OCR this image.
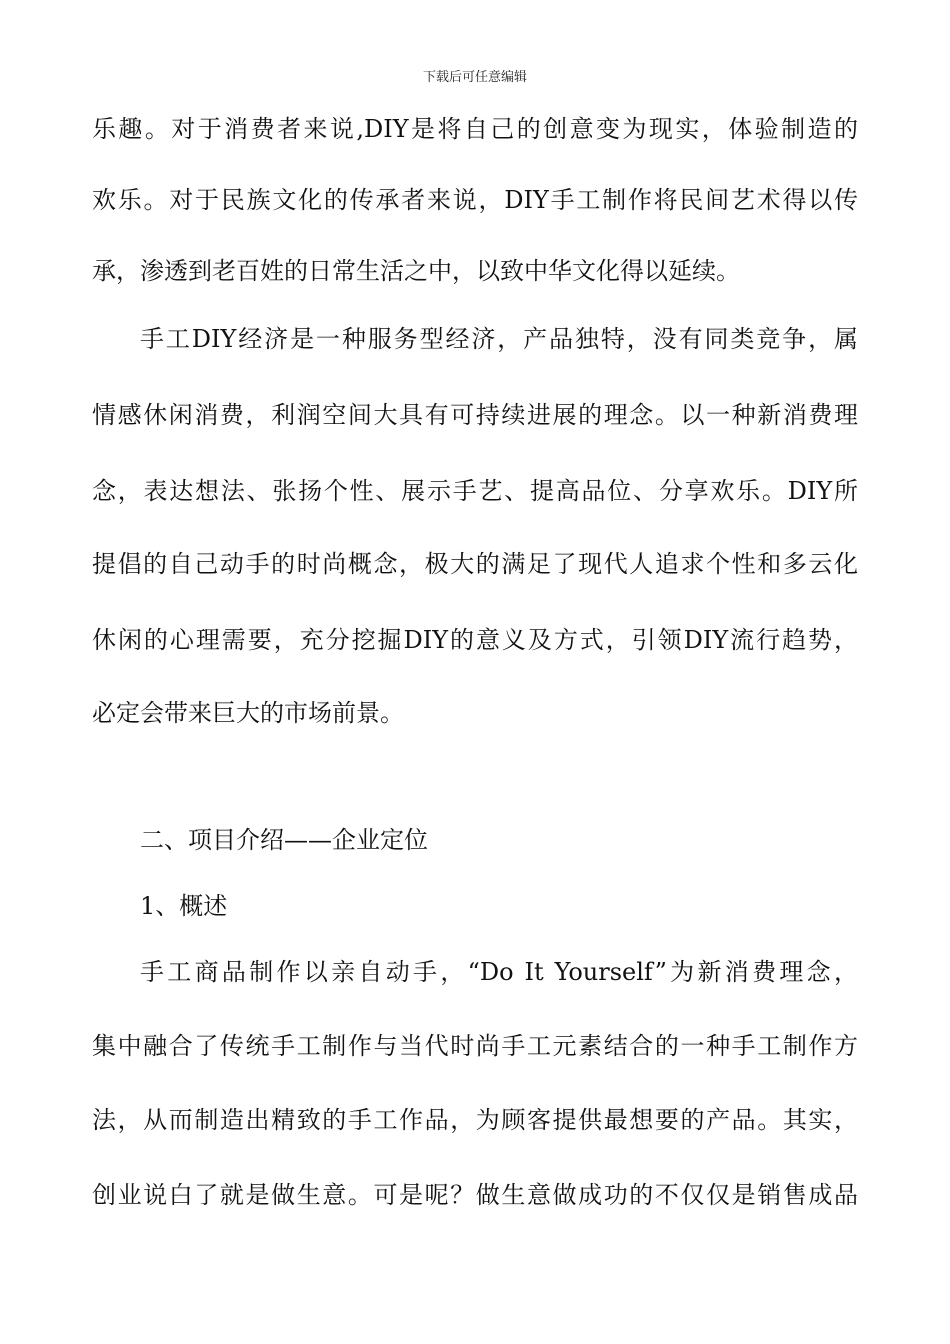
下载后可任意编辑
乐趣。对于消费者来说,DIY是将自己的创意变为现实，体验制造的
欢乐。对于民族文化的传承者来说，DIY手工制作将民间艺术得以传
承，渗透到老百姓的日常生活之中，以致中华文化得以延续。
手工DIY经济是一种服务型经济，产品独特，没有同类竞争，属
情感休闲消费，利润空间大具有可持续进展的理念。以一种新消费理
念，表达想法、张扬个性、展示手艺、提高品位、分享欢乐。DIY所
提倡的自己动手的时尚概念，极大的满足了现代人追求个性和多云化
休闲的心理需要，充分挖掘DIY的意义及方式，引领DIY流行趋势，
必定会带来巨大的市场前景。
二、项目介绍——企业定位
1、概述
手工商品制作以亲自动手，“Do It Yourself”为新消费理念，
集中融合了传统手工制作与当代时尚手工元素结合的一种手工制作方
法，从而制造出精致的手工作品，为顾客提供最想要的产品。其实，
创业说白了就是做生意。可是呢？做生意做成功的不仅仅是销售成品
